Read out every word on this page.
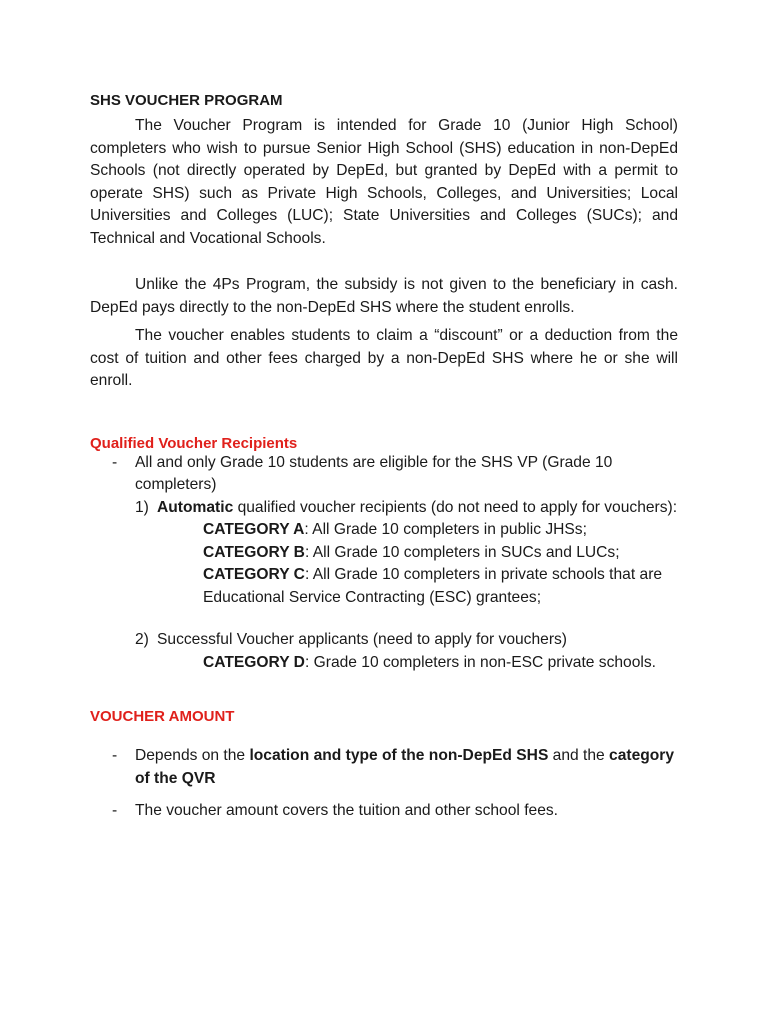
SHS VOUCHER PROGRAM
The Voucher Program is intended for Grade 10 (Junior High School) completers who wish to pursue Senior High School (SHS) education in non-DepEd Schools (not directly operated by DepEd, but granted by DepEd with a permit to operate SHS) such as Private High Schools, Colleges, and Universities; Local Universities and Colleges (LUC); State Universities and Colleges (SUCs); and Technical and Vocational Schools.
Unlike the 4Ps Program, the subsidy is not given to the beneficiary in cash. DepEd pays directly to the non-DepEd SHS where the student enrolls.
The voucher enables students to claim a “discount” or a deduction from the cost of tuition and other fees charged by a non-DepEd SHS where he or she will enroll.
Qualified Voucher Recipients
- All and only Grade 10 students are eligible for the SHS VP (Grade 10 completers)
1) Automatic qualified voucher recipients (do not need to apply for vouchers):
CATEGORY A: All Grade 10 completers in public JHSs;
CATEGORY B: All Grade 10 completers in SUCs and LUCs;
CATEGORY C: All Grade 10 completers in private schools that are Educational Service Contracting (ESC) grantees;
2) Successful Voucher applicants (need to apply for vouchers)
CATEGORY D: Grade 10 completers in non-ESC private schools.
VOUCHER AMOUNT
- Depends on the location and type of the non-DepEd SHS and the category of the QVR
- The voucher amount covers the tuition and other school fees.
